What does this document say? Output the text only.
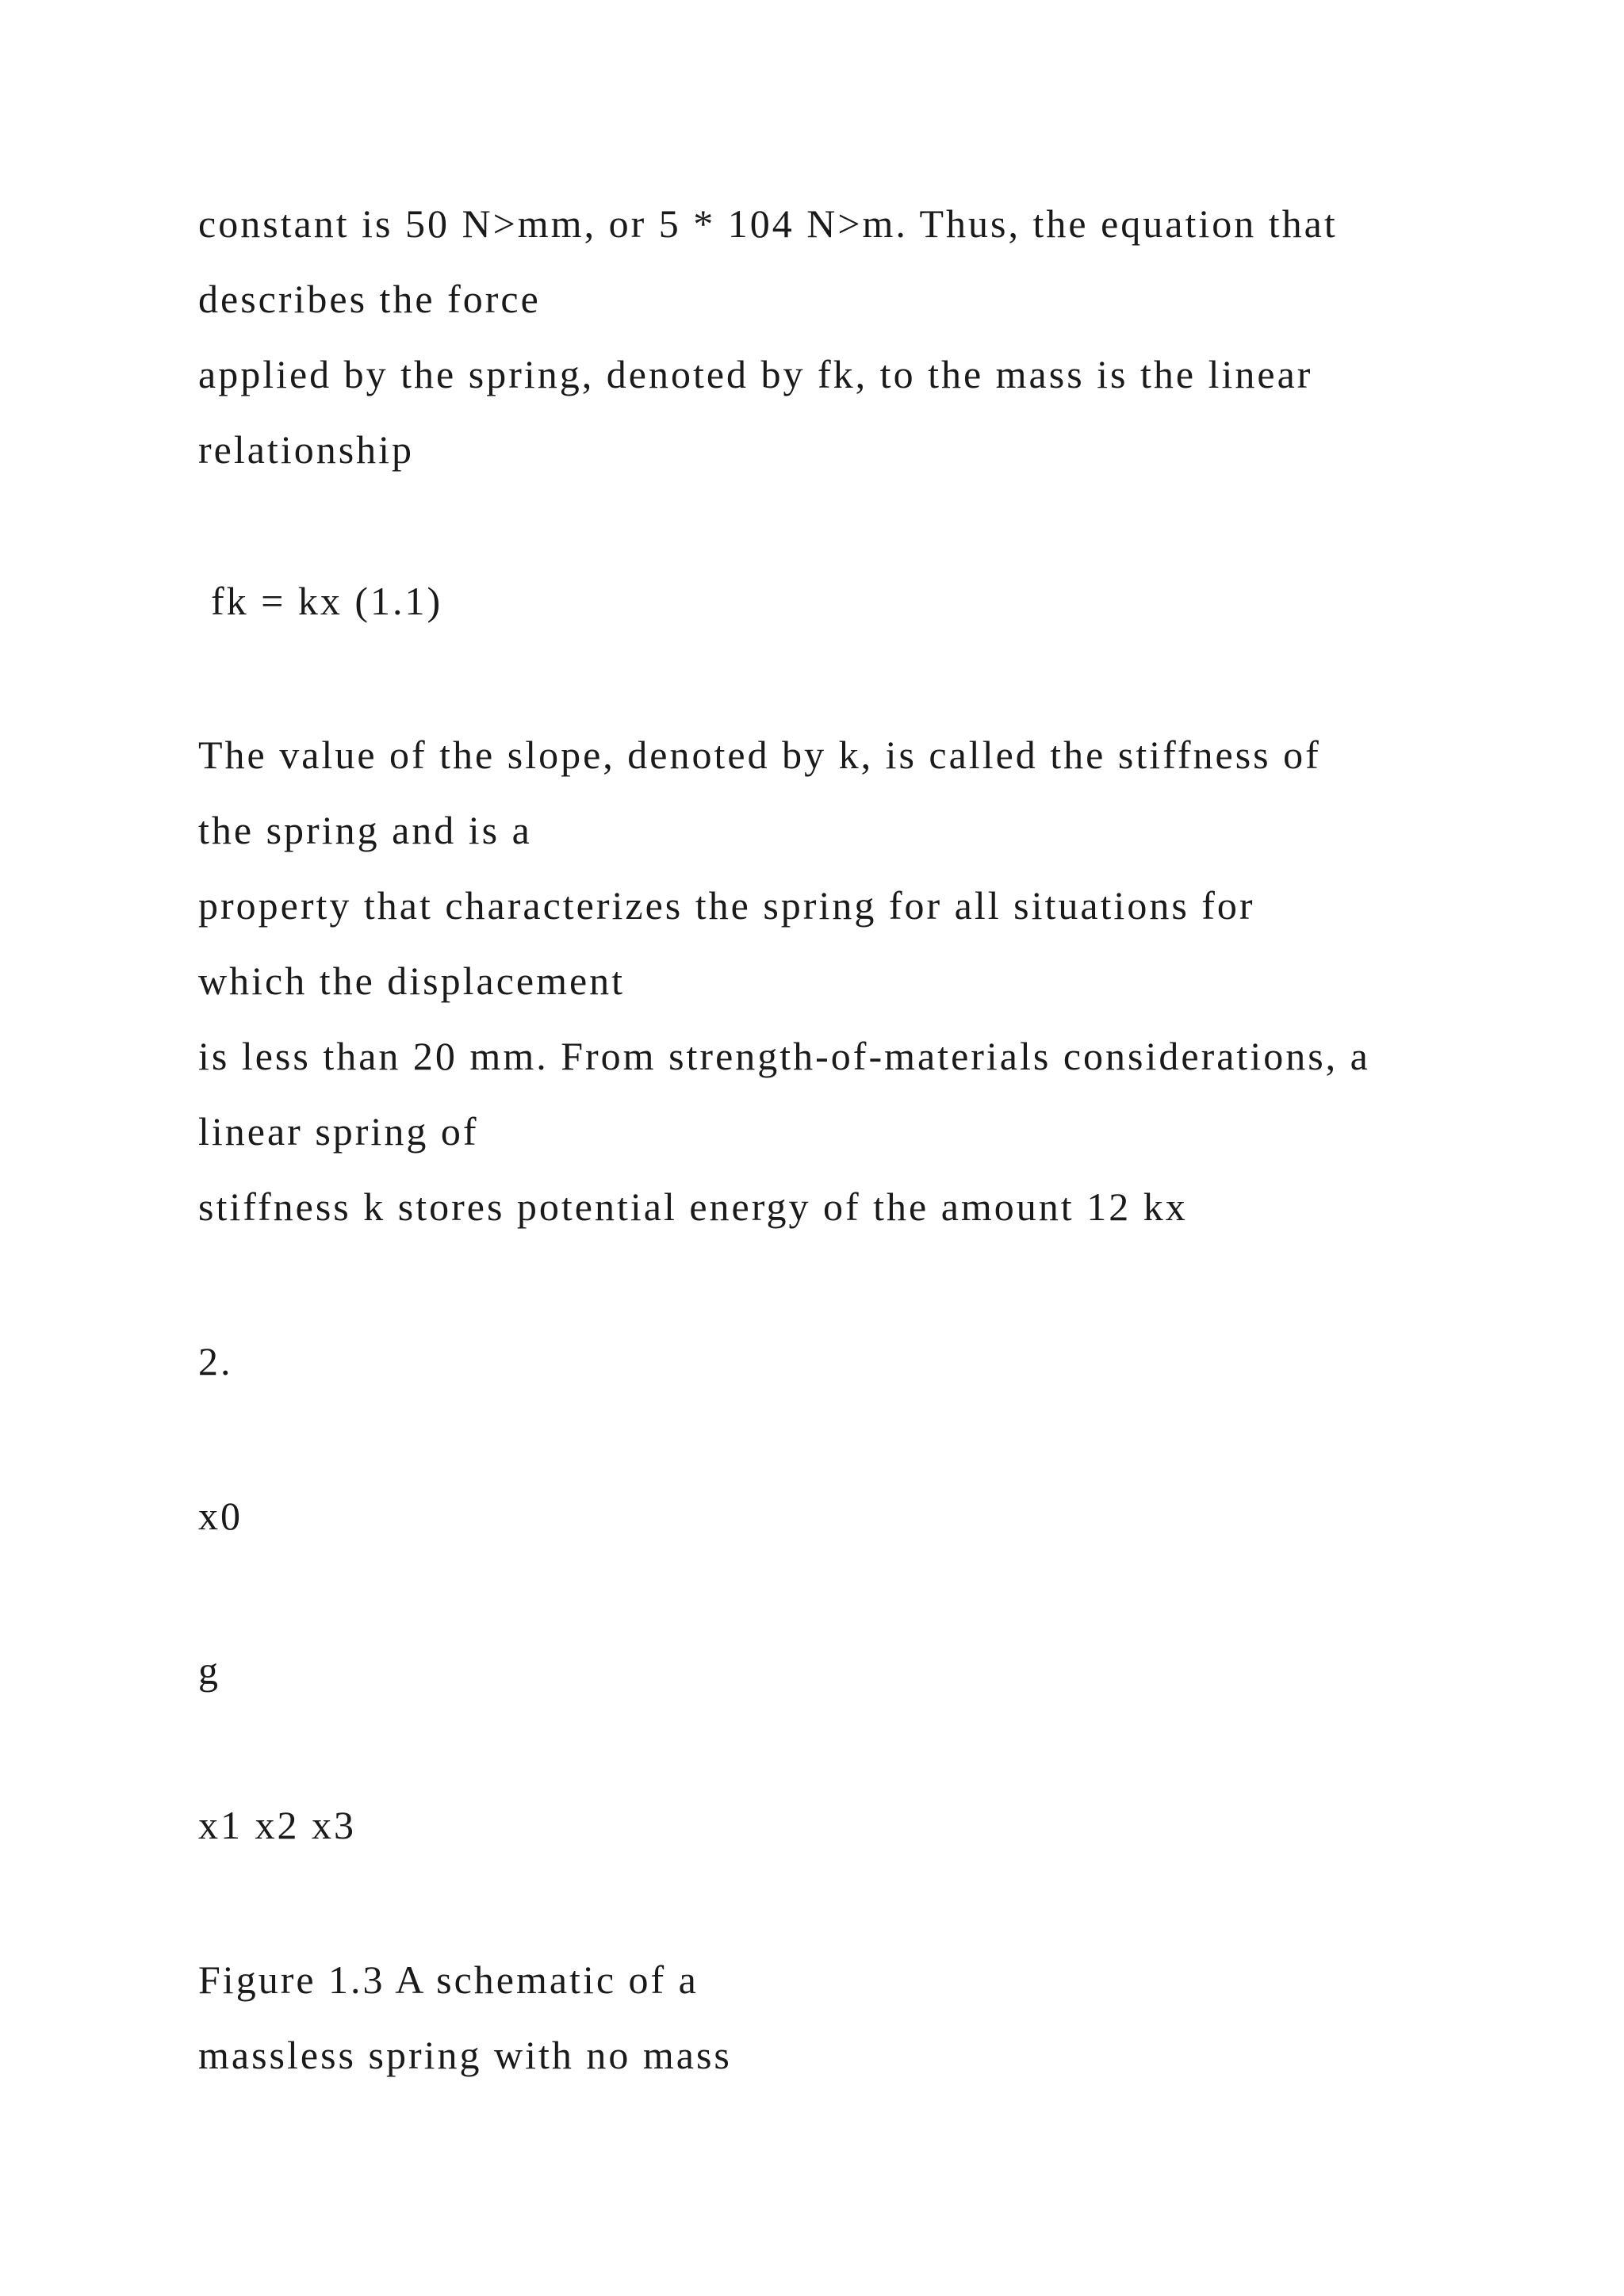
constant is 50 N>mm, or 5 * 104 N>m. Thus, the equation that
describes the force
applied by the spring, denoted by fk, to the mass is the linear
relationship
fk = kx (1.1)
The value of the slope, denoted by k, is called the stiffness of
the spring and is a
property that characterizes the spring for all situations for
which the displacement
is less than 20 mm. From strength-of-materials considerations, a
linear spring of
stiffness k stores potential energy of the amount 12 kx
2.
x0
g
x1 x2 x3
Figure 1.3 A schematic of a
massless spring with no mass
